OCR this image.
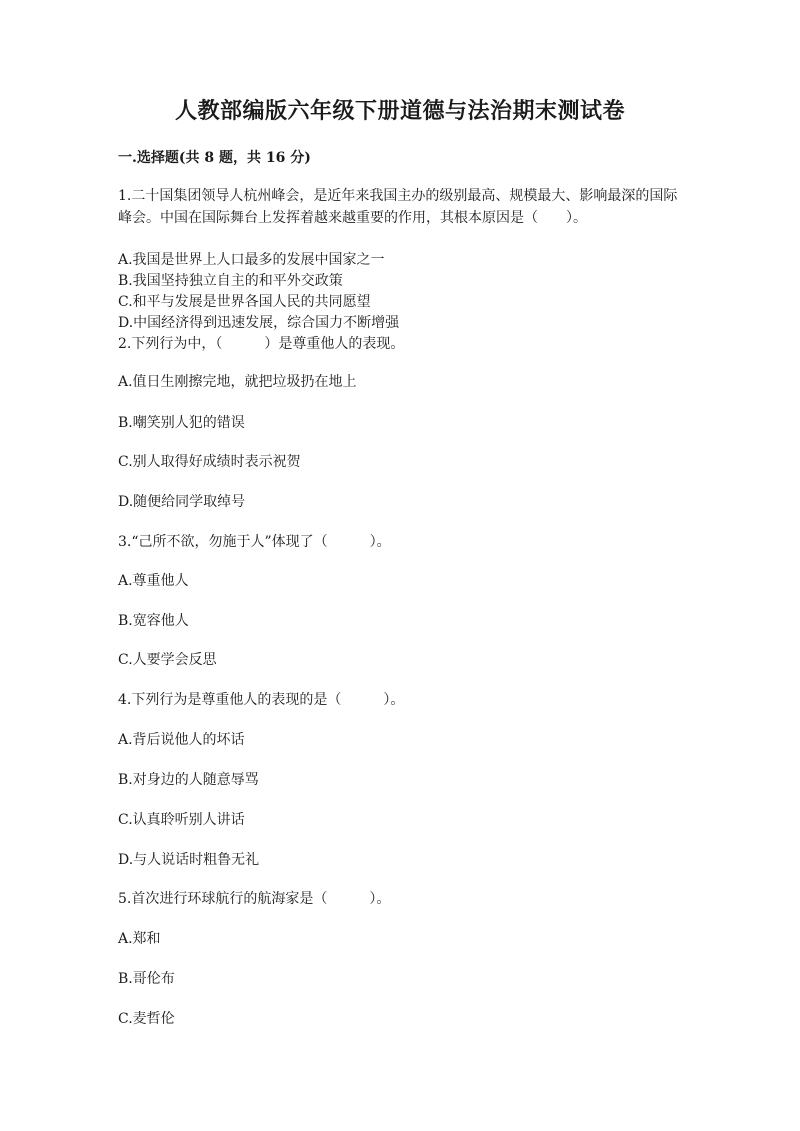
人教部编版六年级下册道德与法治期末测试卷
一.选择题(共 8 题，共 16 分)
1.二十国集团领导人杭州峰会，是近年来我国主办的级别最高、规模最大、影响最深的国际峰会。中国在国际舞台上发挥着越来越重要的作用，其根本原因是（　　）。
A.我国是世界上人口最多的发展中国家之一
B.我国坚持独立自主的和平外交政策
C.和平与发展是世界各国人民的共同愿望
D.中国经济得到迅速发展，综合国力不断增强
2.下列行为中，（　　　）是尊重他人的表现。
A.值日生刚擦完地，就把垃圾扔在地上
B.嘲笑别人犯的错误
C.别人取得好成绩时表示祝贺
D.随便给同学取绰号
3.“己所不欲，勿施于人”体现了（　　　）。
A.尊重他人
B.宽容他人
C.人要学会反思
4.下列行为是尊重他人的表现的是（　　　）。
A.背后说他人的坏话
B.对身边的人随意辱骂
C.认真聆听别人讲话
D.与人说话时粗鲁无礼
5.首次进行环球航行的航海家是（　　　）。
A.郑和
B.哥伦布
C.麦哲伦
